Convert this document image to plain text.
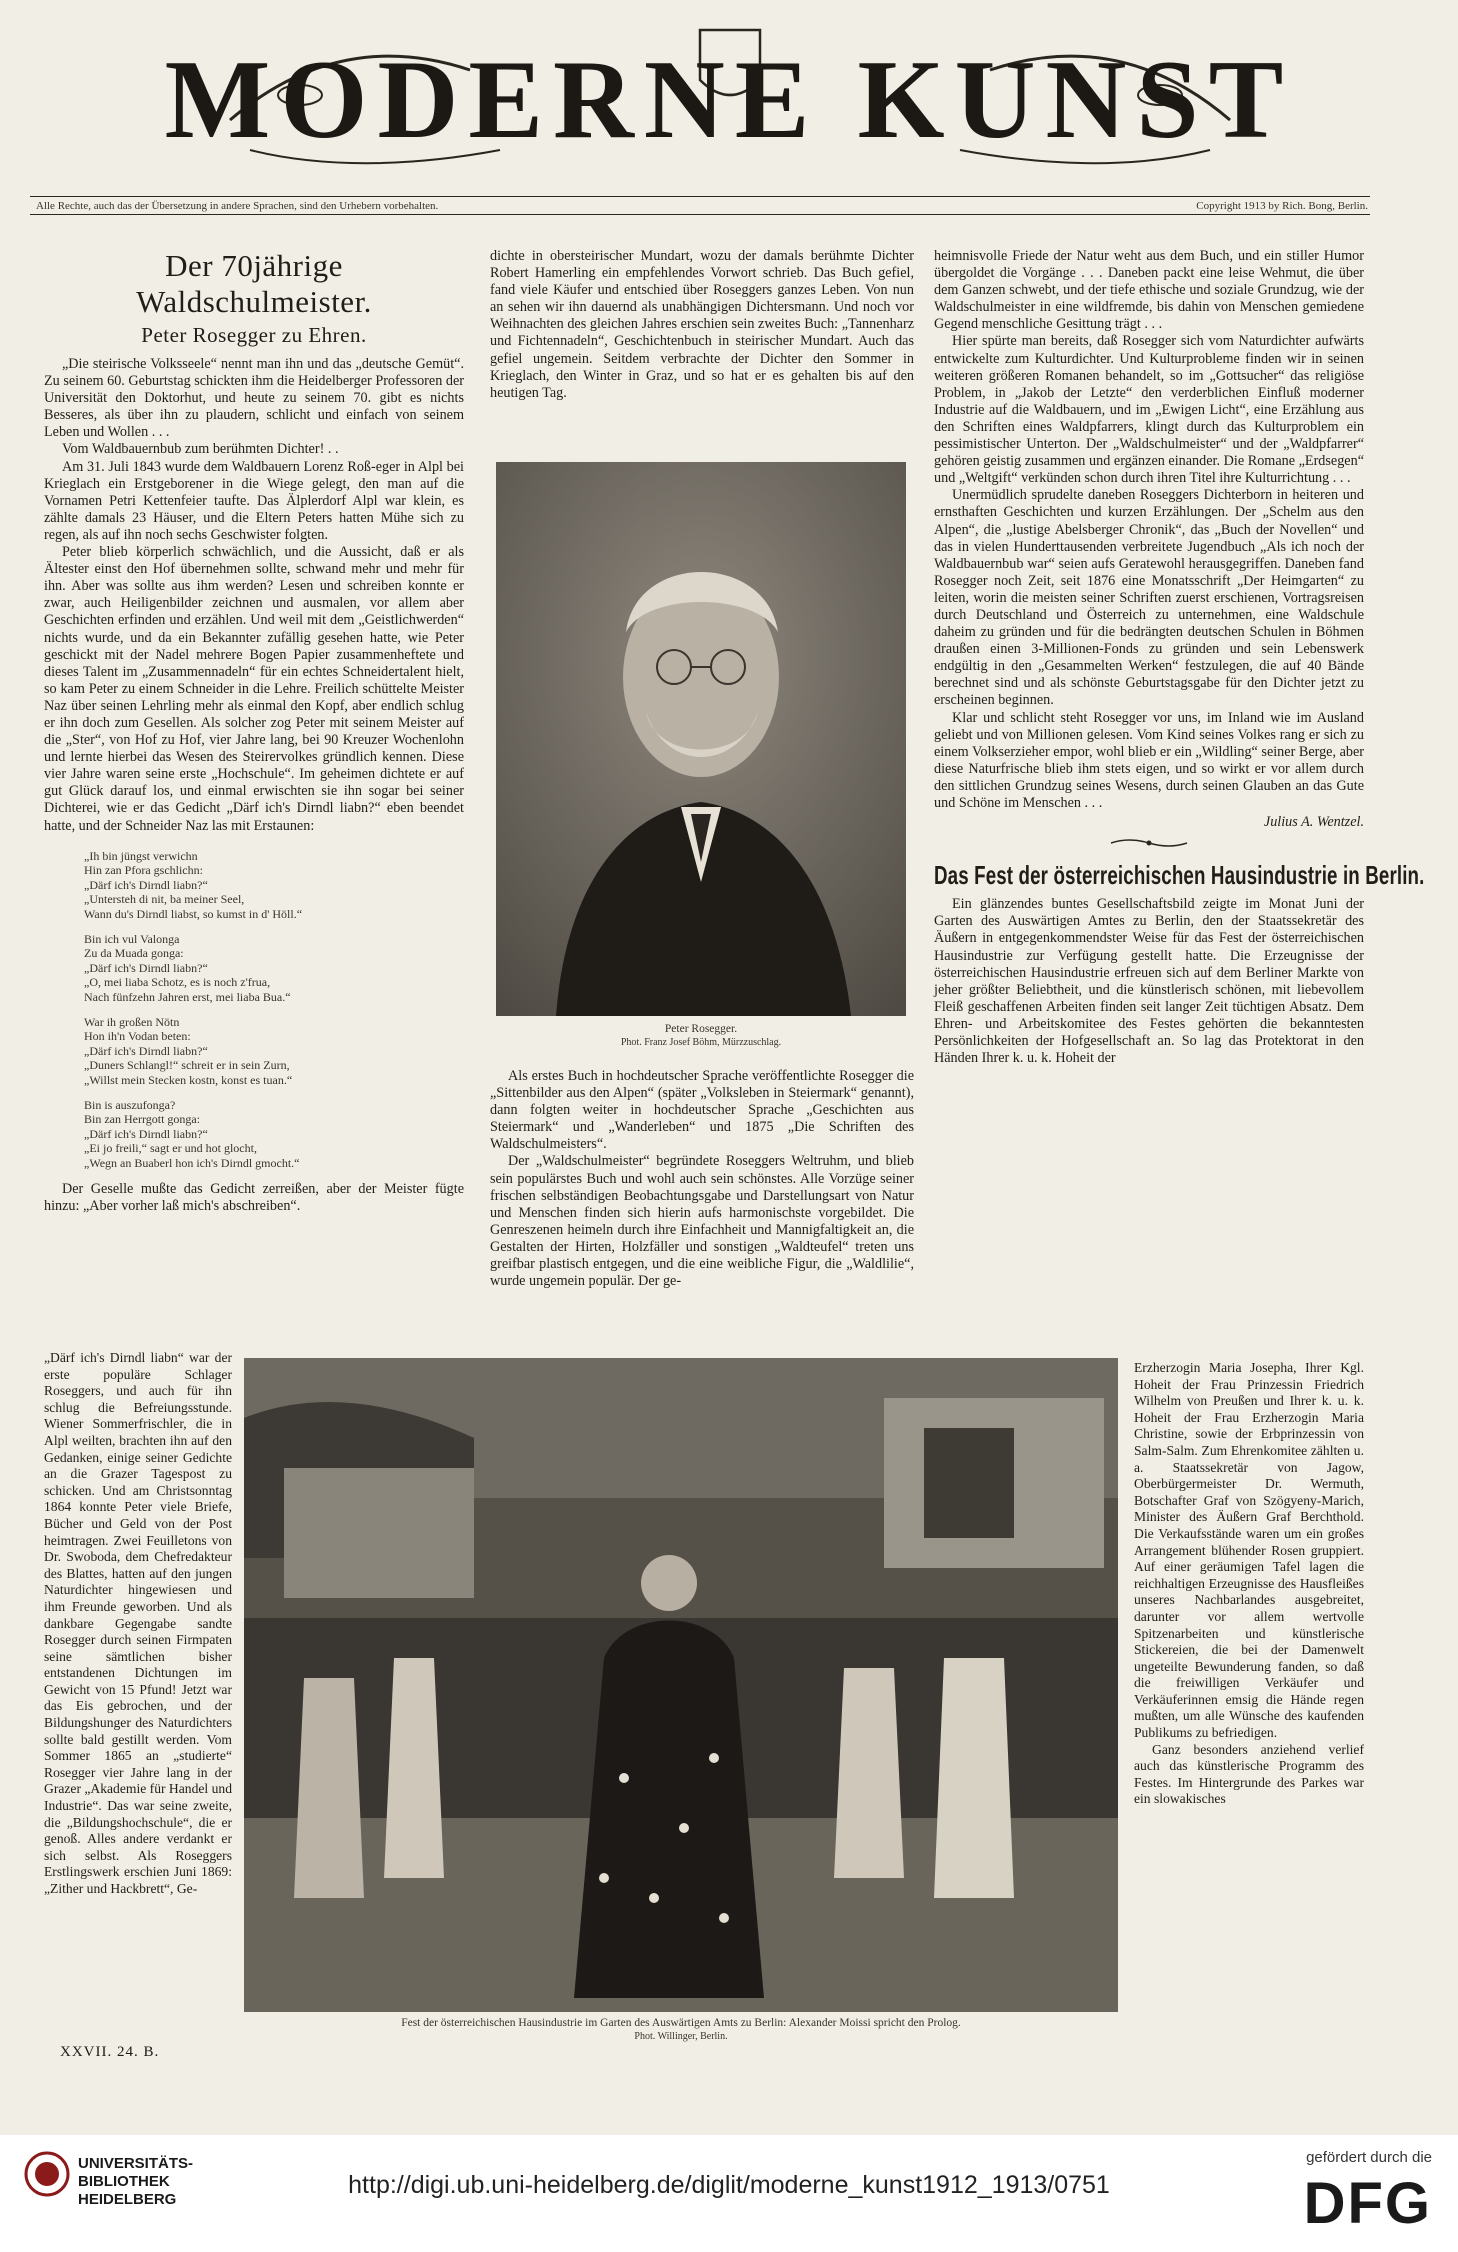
MODERNE KUNST
Alle Rechte, auch das der Übersetzung in andere Sprachen, sind den Urhebern vorbehalten.	Copyright 1913 by Rich. Bong, Berlin.
Der 70jährige Waldschulmeister.
Peter Rosegger zu Ehren.

„Die steirische Volksseele“ nennt man ihn und das „deutsche Gemüt“. Zu seinem 60. Geburtstag schickten ihm die Heidelberger Professoren der Universität den Doktorhut, und heute zu seinem 70. gibt es nichts Besseres, als über ihn zu plaudern, schlicht und einfach von seinem Leben und Wollen . . .

Vom Waldbauernbub zum berühmten Dichter! . .

Am 31. Juli 1843 wurde dem Waldbauern Lorenz Roß-eger in Alpl bei Krieglach ein Erstgeborener in die Wiege gelegt, den man auf die Vornamen Petri Kettenfeier taufte. Das Älplerdorf Alpl war klein, es zählte damals 23 Häuser, und die Eltern Peters hatten Mühe sich zu regen, als auf ihn noch sechs Geschwister folgten.

Peter blieb körperlich schwächlich, und die Aussicht, daß er als Ältester einst den Hof übernehmen sollte, schwand mehr und mehr für ihn. Aber was sollte aus ihm werden? Lesen und schreiben konnte er zwar, auch Heiligenbilder zeichnen und ausmalen, vor allem aber Geschichten erfinden und erzählen. Und weil mit dem „Geistlichwerden“ nichts wurde, und da ein Bekannter zufällig gesehen hatte, wie Peter geschickt mit der Nadel mehrere Bogen Papier zusammenheftete und dieses Talent im „Zusammennadeln“ für ein echtes Schneidertalent hielt, so kam Peter zu einem Schneider in die Lehre. Freilich schüttelte Meister Naz über seinen Lehrling mehr als einmal den Kopf, aber endlich schlug er ihn doch zum Gesellen. Als solcher zog Peter mit seinem Meister auf die „Ster“, von Hof zu Hof, vier Jahre lang, bei 90 Kreuzer Wochenlohn und lernte hierbei das Wesen des Steirervolkes gründlich kennen. Diese vier Jahre waren seine erste „Hochschule“. Im geheimen dichtete er auf gut Glück darauf los, und einmal erwischten sie ihn sogar bei seiner Dichterei, wie er das Gedicht „Därf ich's Dirndl liabn?“ eben beendet hatte, und der Schneider Naz las mit Erstaunen:

„Ih bin jüngst verwichn
Hin zan Pfora gschlichn:
„Därf ich's Dirndl liabn?“
„Untersteh di nit, ba meiner Seel,
Wann du's Dirndl liabst, so kumst in d' Höll.“
Bin ich vul Valonga
Zu da Muada gonga:
„Därf ich's Dirndl liabn?“
„O, mei liaba Schotz, es is noch z'frua,
Nach fünfzehn Jahren erst, mei liaba Bua.“
War ih großen Nötn
Hon ih'n Vodan beten:
„Därf ich's Dirndl liabn?“
„Duners Schlangl!“ schreit er in sein Zurn,
„Willst mein Stecken kostn, konst es tuan.“
Bin is auszufonga?
Bin zan Herrgott gonga:
„Därf ich's Dirndl liabn?“
„Ei jo freili,“ sagt er und hot glocht,
„Wegn an Buaberl hon ich's Dirndl gmocht.“

Der Geselle mußte das Gedicht zerreißen, aber der Meister fügte hinzu: „Aber vorher laß mich's abschreiben“.

„Därf ich's Dirndl liabn“ war der erste populäre Schlager Roseggers, und auch für ihn schlug die Befreiungsstunde. Wiener Sommerfrischler, die in Alpl weilten, brachten ihn auf den Gedanken, einige seiner Gedichte an die Grazer Tagespost zu schicken. Und am Christsonntag 1864 konnte Peter viele Briefe, Bücher und Geld von der Post heimtragen. Zwei Feuilletons von Dr. Swoboda, dem Chefredakteur des Blattes, hatten auf den jungen Naturdichter hingewiesen und ihm Freunde geworben. Und als dankbare Gegengabe sandte Rosegger durch seinen Firmpaten seine sämtlichen bisher entstandenen Dichtungen im Gewicht von 15 Pfund! Jetzt war das Eis gebrochen, und der Bildungshunger des Naturdichters sollte bald gestillt werden. Vom Sommer 1865 an „studierte“ Rosegger vier Jahre lang in der Grazer „Akademie für Handel und Industrie“. Das war seine zweite, die „Bildungshochschule“, die er genoß. Alles andere verdankt er sich selbst. Als Roseggers Erstlingswerk erschien Juni 1869: „Zither und Hackbrett“, Ge-

dichte in obersteirischer Mundart, wozu der damals berühmte Dichter Robert Hamerling ein empfehlendes Vorwort schrieb. Das Buch gefiel, fand viele Käufer und entschied über Roseggers ganzes Leben. Von nun an sehen wir ihn dauernd als unabhängigen Dichtersmann. Und noch vor Weihnachten des gleichen Jahres erschien sein zweites Buch: „Tannenharz und Fichtennadeln“, Geschichtenbuch in steirischer Mundart. Auch das gefiel ungemein. Seitdem verbrachte der Dichter den Sommer in Krieglach, den Winter in Graz, und so hat er es gehalten bis auf den heutigen Tag.

Peter Rosegger.
Phot. Franz Josef Böhm, Mürzzuschlag.

Als erstes Buch in hochdeutscher Sprache veröffentlichte Rosegger die „Sittenbilder aus den Alpen“ (später „Volksleben in Steiermark“ genannt), dann folgten weiter in hochdeutscher Sprache „Geschichten aus Steiermark“ und „Wanderleben“ und 1875 „Die Schriften des Waldschulmeisters“.

Der „Waldschulmeister“ begründete Roseggers Weltruhm, und blieb sein populärstes Buch und wohl auch sein schönstes. Alle Vorzüge seiner frischen selbständigen Beobachtungsgabe und Darstellungsart von Natur und Menschen finden sich hierin aufs harmonischste vorgebildet. Die Genreszenen heimeln durch ihre Einfachheit und Mannigfaltigkeit an, die Gestalten der Hirten, Holzfäller und sonstigen „Waldteufel“ treten uns greifbar plastisch entgegen, und die eine weibliche Figur, die „Waldlilie“, wurde ungemein populär. Der ge-

heimnisvolle Friede der Natur weht aus dem Buch, und ein stiller Humor übergoldet die Vorgänge . . . Daneben packt eine leise Wehmut, die über dem Ganzen schwebt, und der tiefe ethische und soziale Grundzug, wie der Waldschulmeister in eine wildfremde, bis dahin von Menschen gemiedene Gegend menschliche Gesittung trägt . . .

Hier spürte man bereits, daß Rosegger sich vom Naturdichter aufwärts entwickelte zum Kulturdichter. Und Kulturprobleme finden wir in seinen weiteren größeren Romanen behandelt, so im „Gottsucher“ das religiöse Problem, in „Jakob der Letzte“ den verderblichen Einfluß moderner Industrie auf die Waldbauern, und im „Ewigen Licht“, eine Erzählung aus den Schriften eines Waldpfarrers, klingt durch das Kulturproblem ein pessimistischer Unterton. Der „Waldschulmeister“ und der „Waldpfarrer“ gehören geistig zusammen und ergänzen einander. Die Romane „Erdsegen“ und „Weltgift“ verkünden schon durch ihren Titel ihre Kulturrichtung . . .

Unermüdlich sprudelte daneben Roseggers Dichterborn in heiteren und ernsthaften Geschichten und kurzen Erzählungen. Der „Schelm aus den Alpen“, die „lustige Abelsberger Chronik“, das „Buch der Novellen“ und das in vielen Hunderttausenden verbreitete Jugendbuch „Als ich noch der Waldbauernbub war“ seien aufs Geratewohl herausgegriffen. Daneben fand Rosegger noch Zeit, seit 1876 eine Monatsschrift „Der Heimgarten“ zu leiten, worin die meisten seiner Schriften zuerst erschienen, Vortragsreisen durch Deutschland und Österreich zu unternehmen, eine Waldschule daheim zu gründen und für die bedrängten deutschen Schulen in Böhmen draußen einen 3-Millionen-Fonds zu gründen und sein Lebenswerk endgültig in den „Gesammelten Werken“ festzulegen, die auf 40 Bände berechnet sind und als schönste Geburtstagsgabe für den Dichter jetzt zu erscheinen beginnen.

Klar und schlicht steht Rosegger vor uns, im Inland wie im Ausland geliebt und von Millionen gelesen. Vom Kind seines Volkes rang er sich zu einem Volkserzieher empor, wohl blieb er ein „Wildling“ seiner Berge, aber diese Naturfrische blieb ihm stets eigen, und so wirkt er vor allem durch den sittlichen Grundzug seines Wesens, durch seinen Glauben an das Gute und Schöne im Menschen . . .

Julius A. Wentzel.
Das Fest der österreichischen Hausindustrie in Berlin.

Ein glänzendes buntes Gesellschaftsbild zeigte im Monat Juni der Garten des Auswärtigen Amtes zu Berlin, den der Staatssekretär des Äußern in entgegenkommendster Weise für das Fest der österreichischen Hausindustrie zur Verfügung gestellt hatte. Die Erzeugnisse der österreichischen Hausindustrie erfreuen sich auf dem Berliner Markte von jeher größter Beliebtheit, und die künstlerisch schönen, mit liebevollem Fleiß geschaffenen Arbeiten finden seit langer Zeit tüchtigen Absatz. Dem Ehren- und Arbeitskomitee des Festes gehörten die bekanntesten Persönlichkeiten der Hofgesellschaft an. So lag das Protektorat in den Händen Ihrer k. u. k. Hoheit der

Erzherzogin Maria Josepha, Ihrer Kgl. Hoheit der Frau Prinzessin Friedrich Wilhelm von Preußen und Ihrer k. u. k. Hoheit der Frau Erzherzogin Maria Christine, sowie der Erbprinzessin von Salm-Salm. Zum Ehrenkomitee zählten u. a. Staatssekretär von Jagow, Oberbürgermeister Dr. Wermuth, Botschafter Graf von Szögyeny-Marich, Minister des Äußern Graf Berchthold. Die Verkaufsstände waren um ein großes Arrangement blühender Rosen gruppiert. Auf einer geräumigen Tafel lagen die reichhaltigen Erzeugnisse des Hausfleißes unseres Nachbarlandes ausgebreitet, darunter vor allem wertvolle Spitzenarbeiten und künstlerische Stickereien, die bei der Damenwelt ungeteilte Bewunderung fanden, so daß die freiwilligen Verkäufer und Verkäuferinnen emsig die Hände regen mußten, um alle Wünsche des kaufenden Publikums zu befriedigen.

Ganz besonders anziehend verlief auch das künstlerische Programm des Festes. Im Hintergrunde des Parkes war ein slowakisches

Fest der österreichischen Hausindustrie im Garten des Auswärtigen Amts zu Berlin: Alexander Moissi spricht den Prolog.
Phot. Willinger, Berlin.
XXVII. 24. B.
UNIVERSITÄTS-
BIBLIOTHEK
HEIDELBERG
http://digi.ub.uni-heidelberg.de/diglit/moderne_kunst1912_1913/0751
gefördert durch die
DFG
